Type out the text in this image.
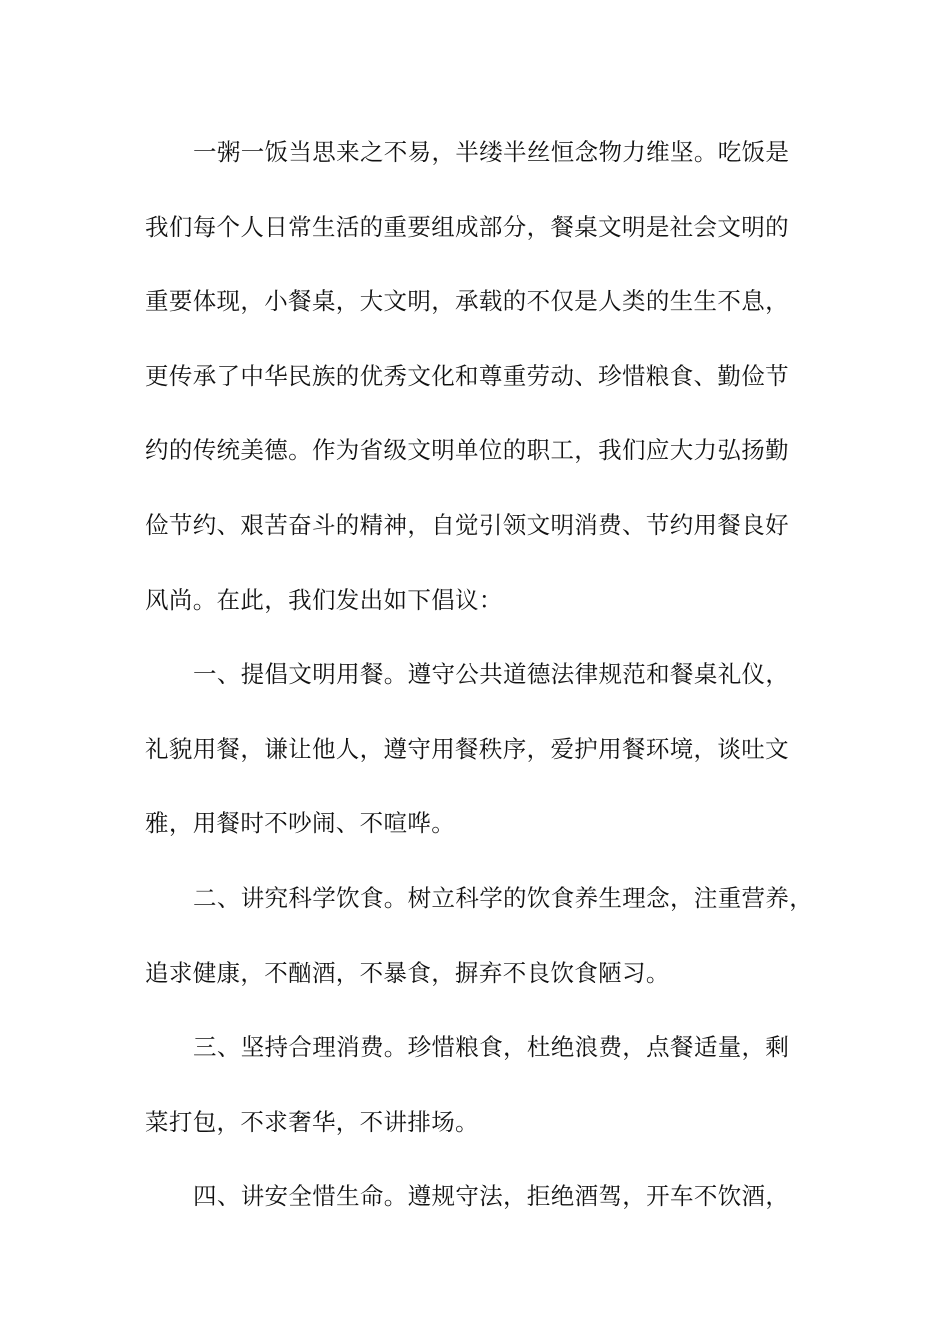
一粥一饭当思来之不易，半缕半丝恒念物力维坚。吃饭是
我们每个人日常生活的重要组成部分，餐桌文明是社会文明的
重要体现，小餐桌，大文明，承载的不仅是人类的生生不息，
更传承了中华民族的优秀文化和尊重劳动、珍惜粮食、勤俭节
约的传统美德。作为省级文明单位的职工，我们应大力弘扬勤
俭节约、艰苦奋斗的精神，自觉引领文明消费、节约用餐良好
风尚。在此，我们发出如下倡议：
一、提倡文明用餐。遵守公共道德法律规范和餐桌礼仪，
礼貌用餐，谦让他人，遵守用餐秩序，爱护用餐环境，谈吐文
雅，用餐时不吵闹、不喧哗。
二、讲究科学饮食。树立科学的饮食养生理念，注重营养，
追求健康，不酗酒，不暴食，摒弃不良饮食陋习。
三、坚持合理消费。珍惜粮食，杜绝浪费，点餐适量，剩
菜打包，不求奢华，不讲排场。
四、讲安全惜生命。遵规守法，拒绝酒驾，开车不饮酒，
